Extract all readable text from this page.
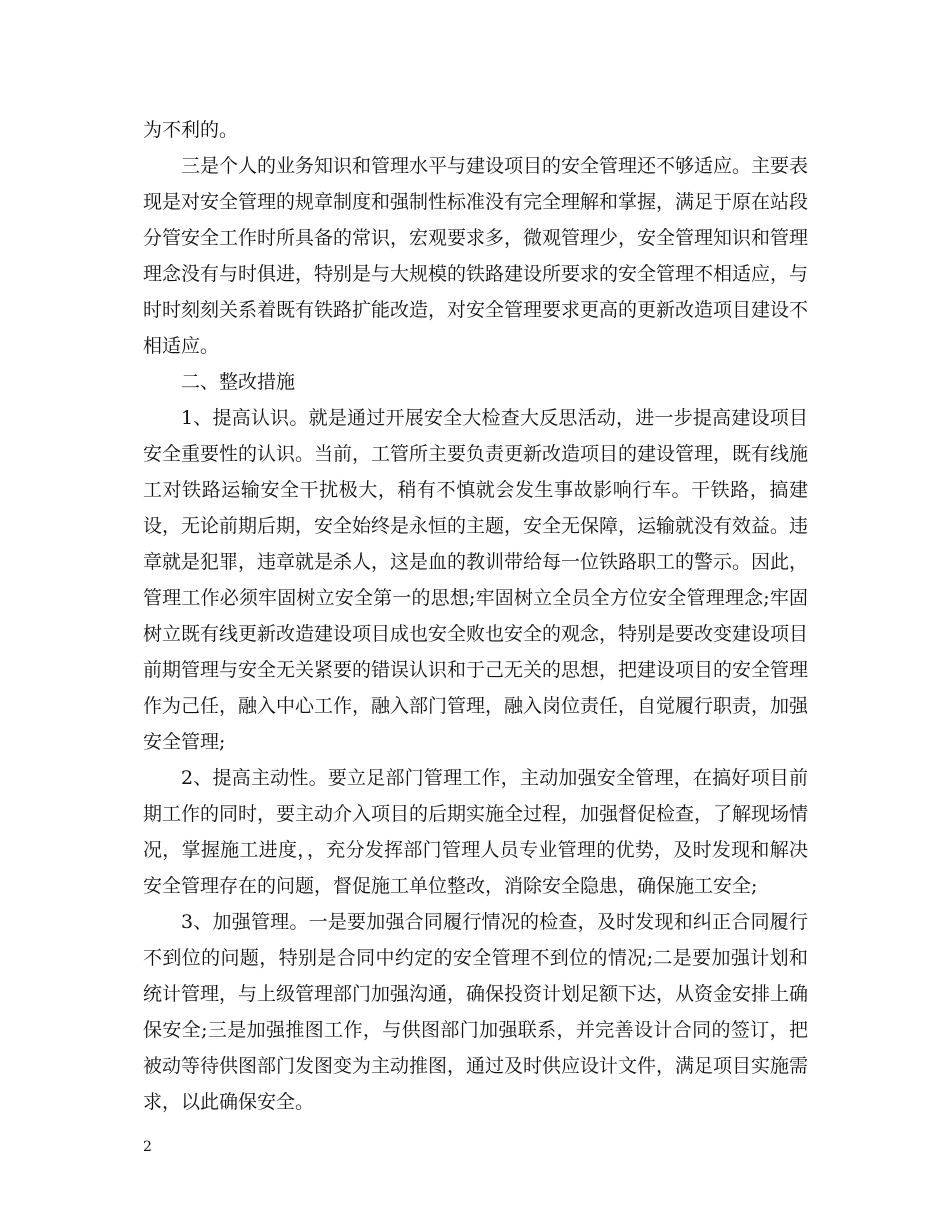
为不利的。

三是个人的业务知识和管理水平与建设项目的安全管理还不够适应。主要表现是对安全管理的规章制度和强制性标准没有完全理解和掌握，满足于原在站段分管安全工作时所具备的常识，宏观要求多，微观管理少，安全管理知识和管理理念没有与时俱进，特别是与大规模的铁路建设所要求的安全管理不相适应，与时时刻刻关系着既有铁路扩能改造，对安全管理要求更高的更新改造项目建设不相适应。

二、整改措施

1、提高认识。就是通过开展安全大检查大反思活动，进一步提高建设项目安全重要性的认识。当前，工管所主要负责更新改造项目的建设管理，既有线施工对铁路运输安全干扰极大，稍有不慎就会发生事故影响行车。干铁路，搞建设，无论前期后期，安全始终是永恒的主题，安全无保障，运输就没有效益。违章就是犯罪，违章就是杀人，这是血的教训带给每一位铁路职工的警示。因此，管理工作必须牢固树立安全第一的思想;牢固树立全员全方位安全管理理念;牢固树立既有线更新改造建设项目成也安全败也安全的观念，特别是要改变建设项目前期管理与安全无关紧要的错误认识和于己无关的思想，把建设项目的安全管理作为己任，融入中心工作，融入部门管理，融入岗位责任，自觉履行职责，加强安全管理;

2、提高主动性。要立足部门管理工作，主动加强安全管理，在搞好项目前期工作的同时，要主动介入项目的后期实施全过程，加强督促检查，了解现场情况，掌握施工进度，，充分发挥部门管理人员专业管理的优势，及时发现和解决安全管理存在的问题，督促施工单位整改，消除安全隐患，确保施工安全;

3、加强管理。一是要加强合同履行情况的检查，及时发现和纠正合同履行不到位的问题，特别是合同中约定的安全管理不到位的情况;二是要加强计划和统计管理，与上级管理部门加强沟通，确保投资计划足额下达，从资金安排上确保安全;三是加强推图工作，与供图部门加强联系，并完善设计合同的签订，把被动等待供图部门发图变为主动推图，通过及时供应设计文件，满足项目实施需求，以此确保安全。

2
